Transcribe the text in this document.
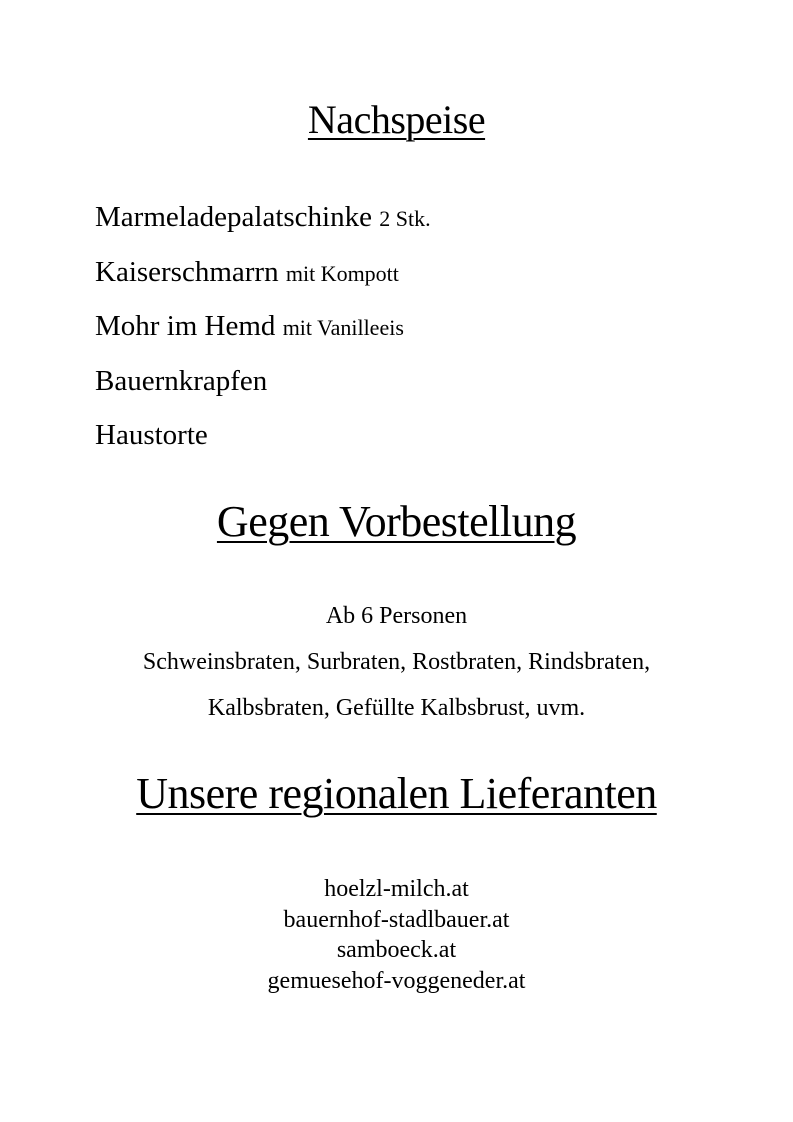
Nachspeise
Marmeladepalatschinke 2 Stk.
Kaiserschmarrn mit Kompott
Mohr im Hemd mit Vanilleeis
Bauernkrapfen
Haustorte
Gegen Vorbestellung
Ab 6 Personen
Schweinsbraten, Surbraten, Rostbraten, Rindsbraten,
Kalbsbraten, Gefüllte Kalbsbrust, uvm.
Unsere regionalen Lieferanten
hoelzl-milch.at
bauernhof-stadlbauer.at
samboeck.at
gemuesehof-voggeneder.at
